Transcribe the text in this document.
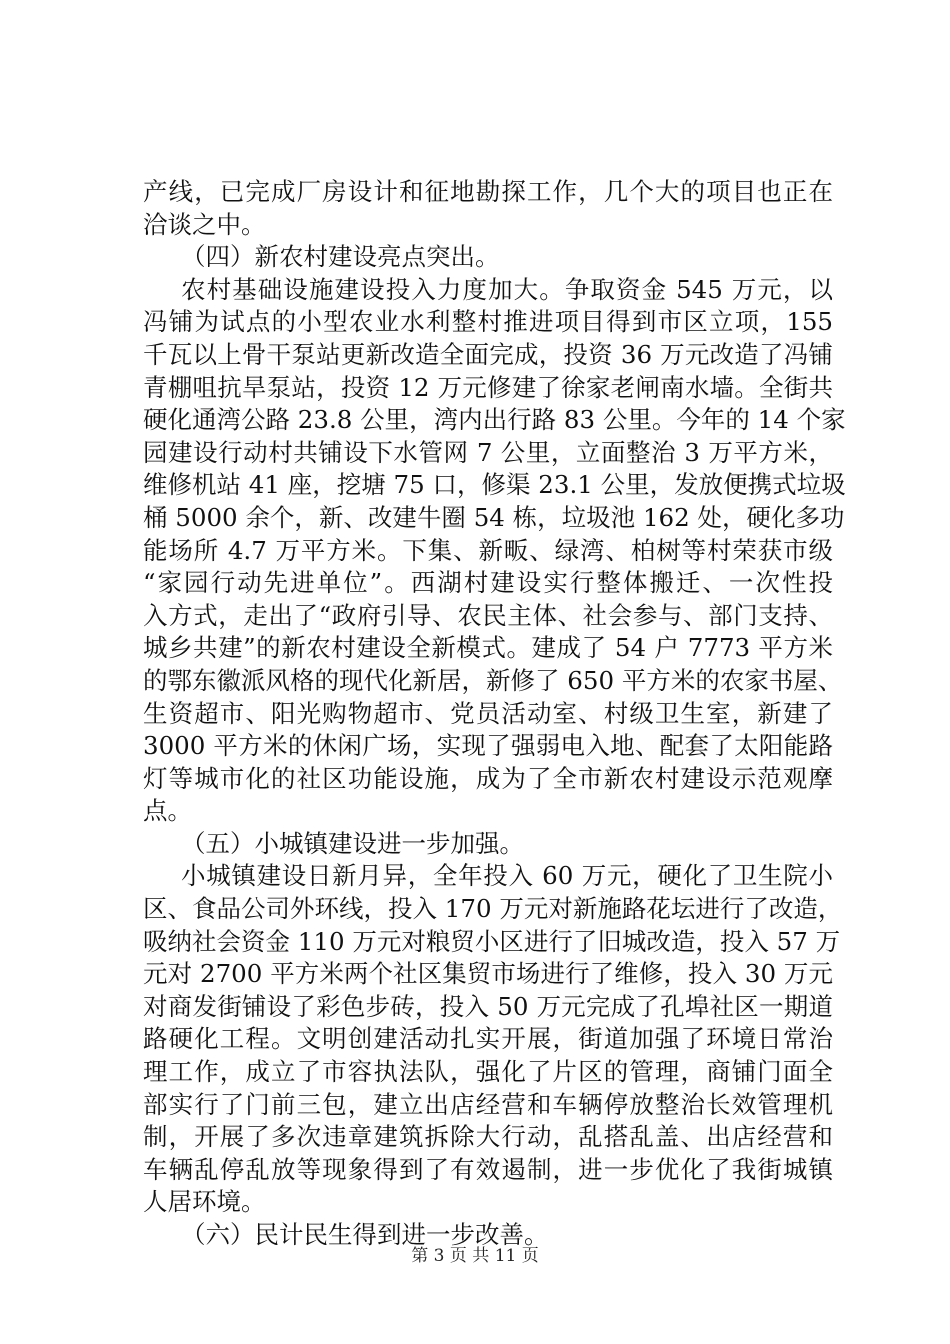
产线，已完成厂房设计和征地勘探工作，几个大的项目也正在
洽谈之中。
（四）新农村建设亮点突出。
农村基础设施建设投入力度加大。争取资金 545 万元，以
冯铺为试点的小型农业水利整村推进项目得到市区立项，155
千瓦以上骨干泵站更新改造全面完成，投资 36 万元改造了冯铺
青棚咀抗旱泵站，投资 12 万元修建了徐家老闸南水墙。全街共
硬化通湾公路 23.8 公里，湾内出行路 83 公里。今年的 14 个家
园建设行动村共铺设下水管网 7 公里，立面整治 3 万平方米，
维修机站 41 座，挖塘 75 口，修渠 23.1 公里，发放便携式垃圾
桶 5000 余个，新、改建牛圈 54 栋，垃圾池 162 处，硬化多功
能场所 4.7 万平方米。下集、新畈、绿湾、柏树等村荣获市级
“家园行动先进单位”。西湖村建设实行整体搬迁、一次性投
入方式，走出了“政府引导、农民主体、社会参与、部门支持、
城乡共建”的新农村建设全新模式。建成了 54 户 7773 平方米
的鄂东徽派风格的现代化新居，新修了 650 平方米的农家书屋、
生资超市、阳光购物超市、党员活动室、村级卫生室，新建了
3000 平方米的休闲广场，实现了强弱电入地、配套了太阳能路
灯等城市化的社区功能设施，成为了全市新农村建设示范观摩
点。
（五）小城镇建设进一步加强。
小城镇建设日新月异，全年投入 60 万元，硬化了卫生院小
区、食品公司外环线，投入 170 万元对新施路花坛进行了改造，
吸纳社会资金 110 万元对粮贸小区进行了旧城改造，投入 57 万
元对 2700 平方米两个社区集贸市场进行了维修，投入 30 万元
对商发街铺设了彩色步砖，投入 50 万元完成了孔埠社区一期道
路硬化工程。文明创建活动扎实开展，街道加强了环境日常治
理工作，成立了市容执法队，强化了片区的管理，商铺门面全
部实行了门前三包，建立出店经营和车辆停放整治长效管理机
制，开展了多次违章建筑拆除大行动，乱搭乱盖、出店经营和
车辆乱停乱放等现象得到了有效遏制，进一步优化了我街城镇
人居环境。
（六）民计民生得到进一步改善。
第 3 页 共 11 页
